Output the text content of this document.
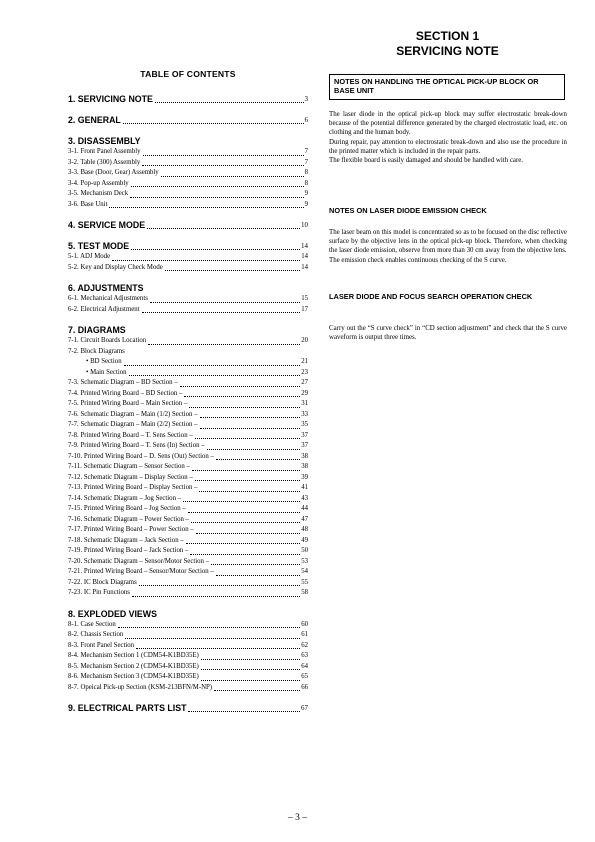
SECTION 1
SERVICING NOTE
TABLE OF CONTENTS
1. SERVICING NOTE	3
2. GENERAL	6
3. DISASSEMBLY
3-1. Front Panel Assembly	7
3-2. Table (300) Assembly	7
3-3. Base (Door, Gear) Assembly	8
3-4. Pop-up Assembly	8
3-5. Mechanism Deck	9
3-6. Base Unit	9
4. SERVICE MODE	10
5. TEST MODE	14
5-1. ADJ Mode	14
5-2. Key and Display Check Mode	14
6. ADJUSTMENTS
6-1. Mechanical Adjustments	15
6-2. Electrical Adjustment	17
7. DIAGRAMS
7-1. Circuit Boards Location	20
7-2. Block Diagrams
• BD Section	21
• Main Section	23
7-3. Schematic Diagram – BD Section –	27
7-4. Printed Wiring Board – BD Section –	29
7-5. Printed Wiring Board – Main Section –	31
7-6. Schematic Diagram – Main (1/2) Section –	33
7-7. Schematic Diagram – Main (2/2) Section –	35
7-8. Printed Wiring Board – T. Sens Section –	37
7-9. Printed Wiring Board – T. Sens (In) Section –	37
7-10. Printed Wiring Board – D. Sens (Out) Section –	38
7-11. Schematic Diagram – Sensor Section –	38
7-12. Schematic Diagram – Display Section –	39
7-13. Printed Wiring Board – Display Section –	41
7-14. Schematic Diagram – Jog Section –	43
7-15. Printed Wiring Board – Jog Section –	44
7-16. Schematic Diagram – Power Section –	47
7-17. Printed Wiring Board – Power Section –	48
7-18. Schematic Diagram – Jack Section –	49
7-19. Printed Wiring Board – Jack Section –	50
7-20. Schematic Diagram – Sensor/Motor Section –	53
7-21. Printed Wiring Board – Sensor/Motor Section –	54
7-22. IC Block Diagrams	55
7-23. IC Pin Functions	58
8. EXPLODED VIEWS
8-1. Case Section	60
8-2. Chassis Section	61
8-3. Front Panel Section	62
8-4. Mechanism Section 1 (CDM54-K1BD35E)	63
8-5. Mechanism Section 2 (CDM54-K1BD35E)	64
8-6. Mechanism Section 3 (CDM54-K1BD35E)	65
8-7. Opeical Pick-up Section (KSM-213BFN/M-NP)	66
9. ELECTRICAL PARTS LIST	67
NOTES ON HANDLING THE OPTICAL PICK-UP BLOCK OR BASE UNIT
The laser diode in the optical pick-up block may suffer electrostatic break-down because of the potential difference generated by the charged electrostatic load, etc. on clothing and the human body.
During repair, pay attention to electrostatic break-down and also use the procedure in the printed matter which is included in the repair parts.
The flexible board is easily damaged and should be handled with care.
NOTES ON LASER DIODE EMISSION CHECK
The laser beam on this model is concentrated so as to be focused on the disc reflective surface by the objective lens in the optical pick-up block. Therefore, when checking the laser diode emission, observe from more than 30 cm away from the objective lens.
The emission check enables continuous checking of the S curve.
LASER DIODE AND FOCUS SEARCH OPERATION CHECK
Carry out the “S curve check” in “CD section adjustment” and check that the S curve waveform is output three times.
– 3 –
